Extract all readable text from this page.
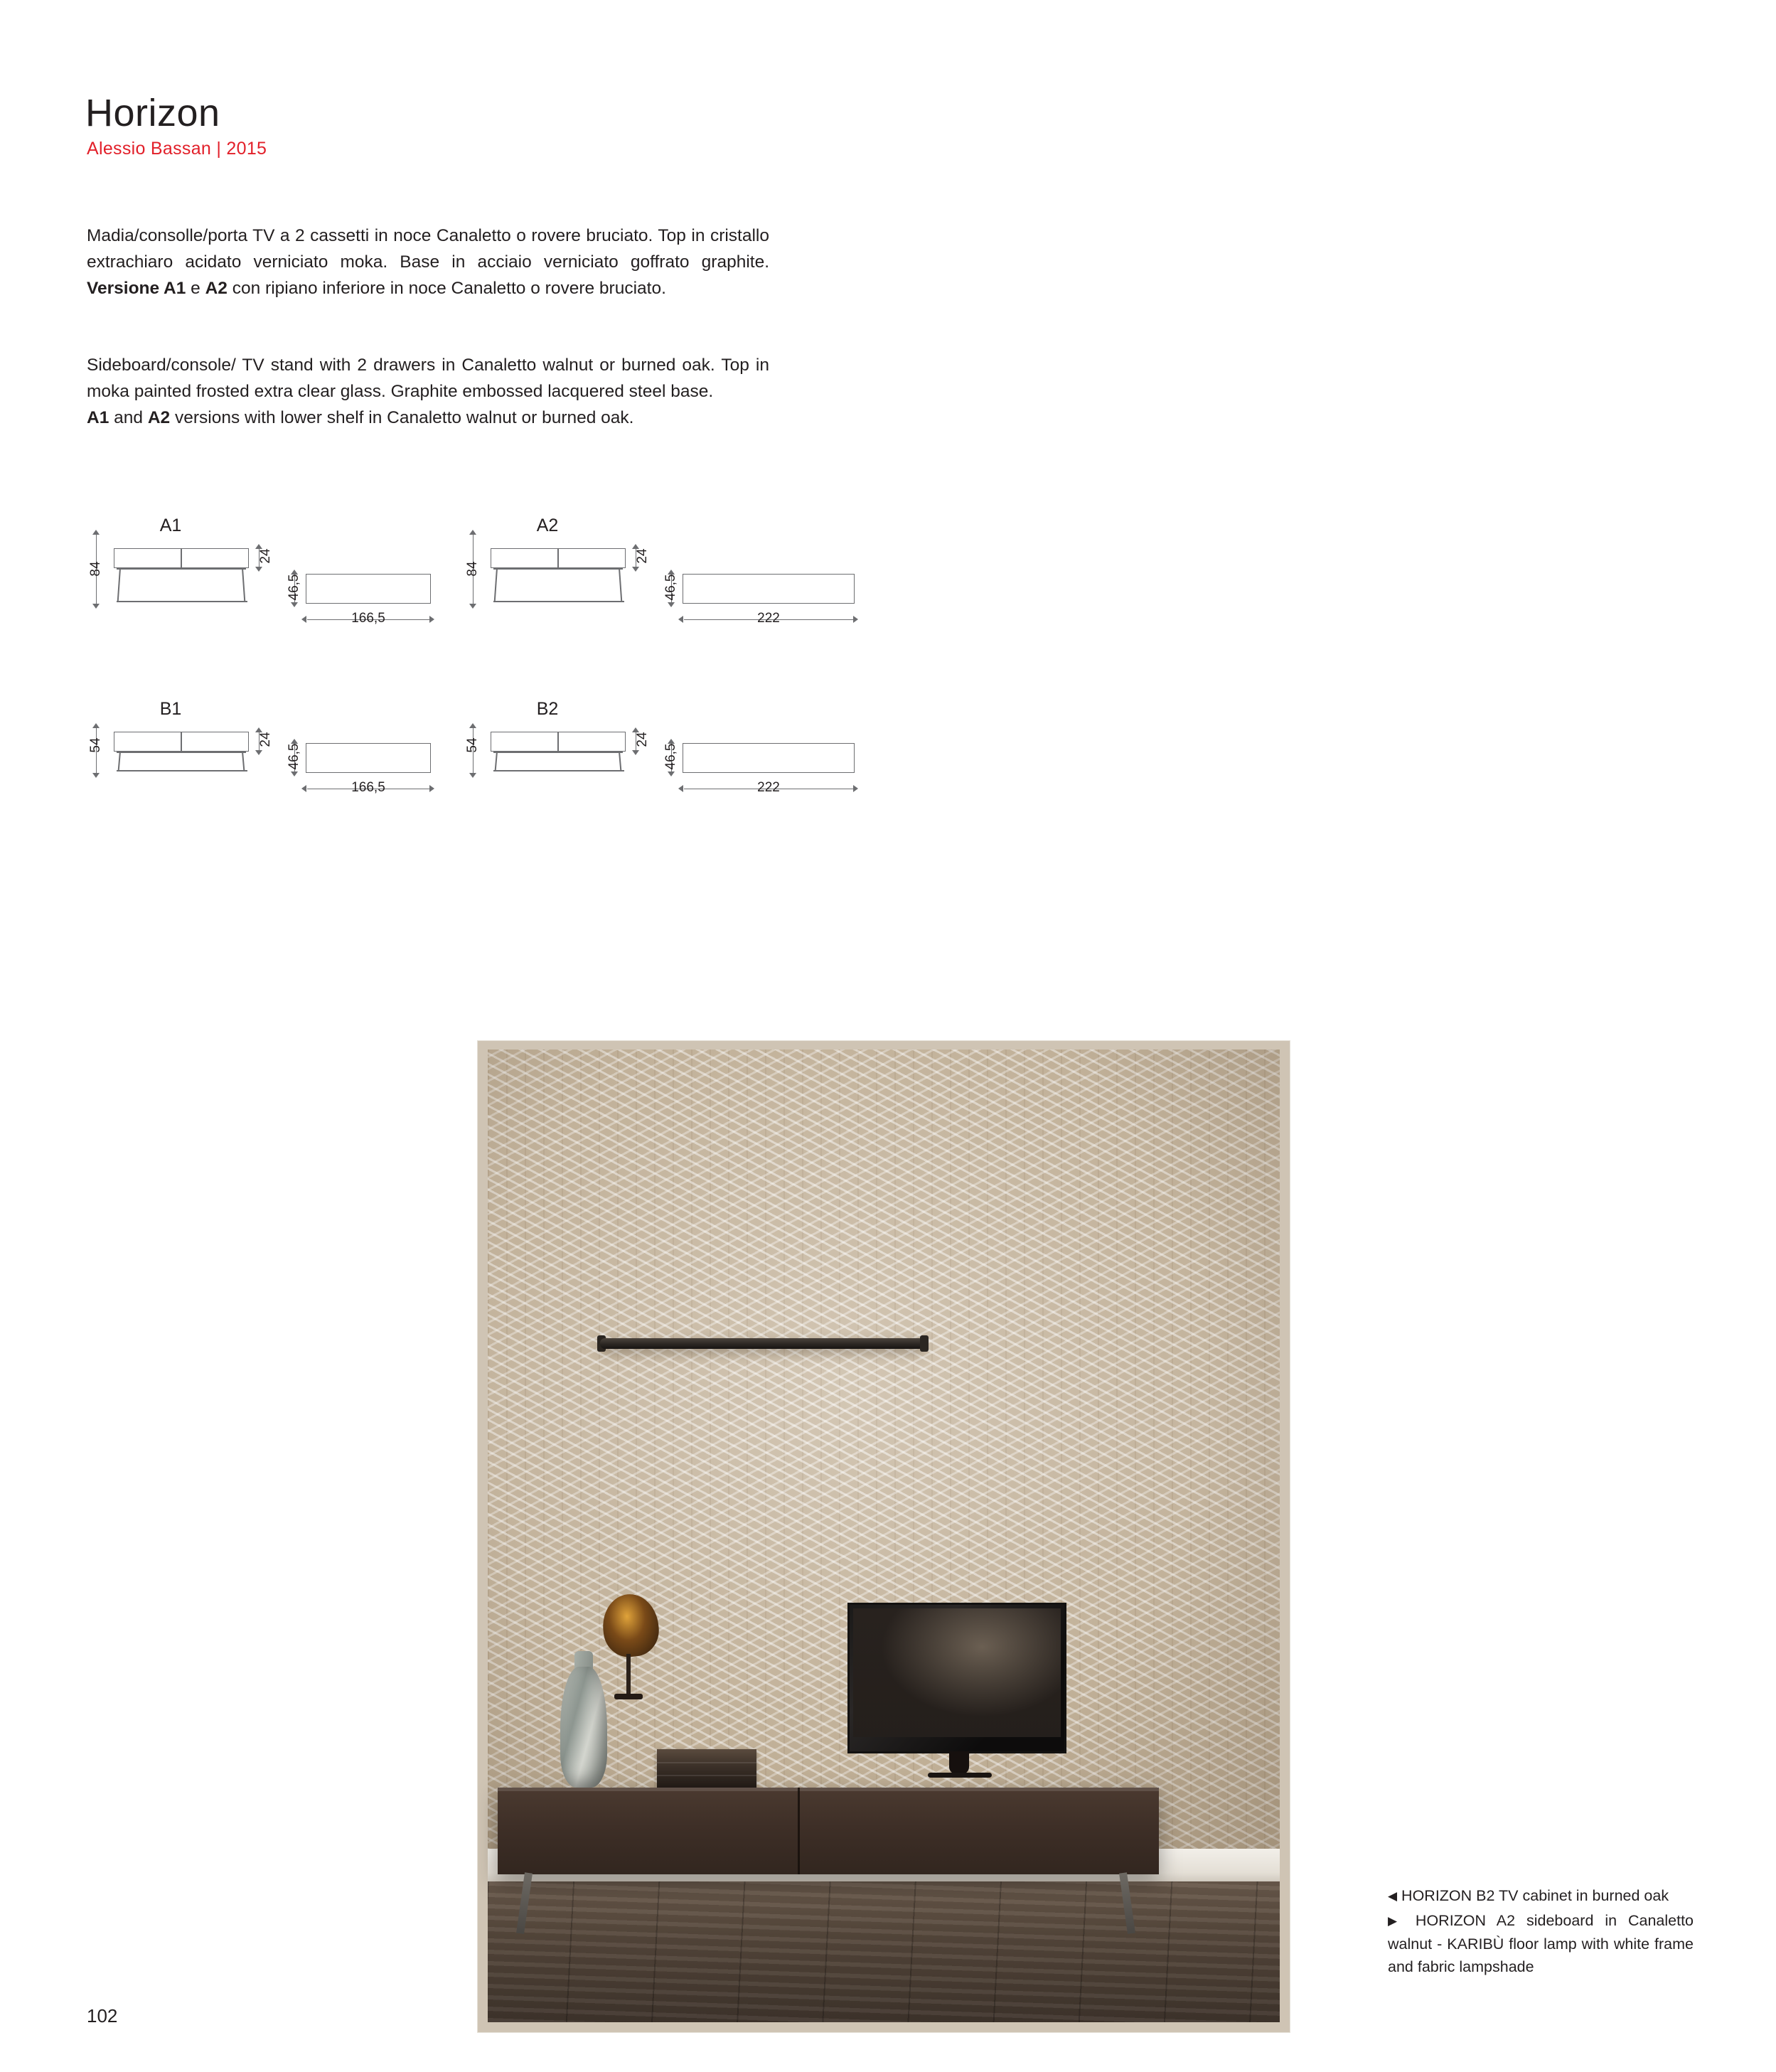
Horizon
Alessio Bassan | 2015
Madia/consolle/porta TV a 2 cassetti in noce Canaletto o rovere bruciato. Top in cristallo extrachiaro acidato verniciato moka. Base in acciaio verniciato goffrato graphite. Versione A1 e A2 con ripiano inferiore in noce Canaletto o rovere bruciato.
Sideboard/console/ TV stand with 2 drawers in Canaletto walnut or burned oak. Top in moka painted frosted extra clear glass. Graphite embossed lacquered steel base.
A1 and A2 versions with lower shelf in Canaletto walnut or burned oak.
A1
84
24
46,5
166,5
A2
84
24
46,5
222
B1
54	24
46,5
166,5
B2
54	24
46,5
222

◀ HORIZON B2 TV cabinet in burned oak

▶ HORIZON A2 sideboard in Canaletto walnut - KARIBÙ floor lamp with white frame and fabric lampshade

102
